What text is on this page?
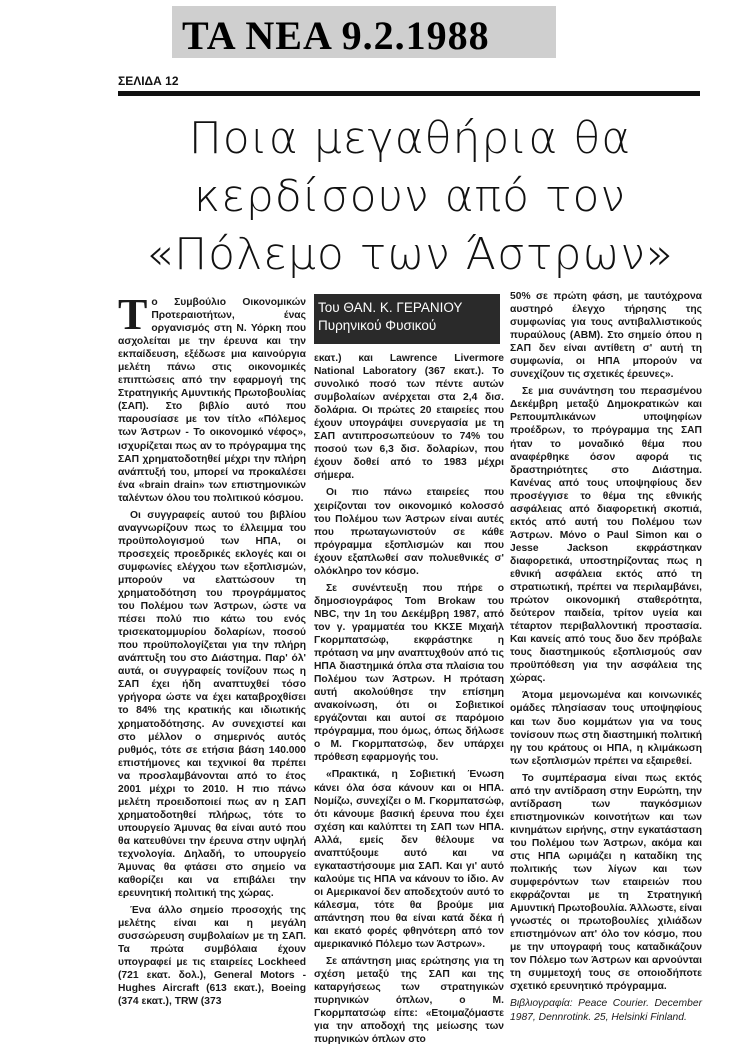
TA NEA 9.2.1988
ΣΕΛΙΔΑ 12
Ποια μεγαθήρια θα
κερδίσουν από τον
«Πόλεμο των Άστρων»
Του ΘΑΝ. Κ. ΓΕΡΑΝΙΟΥ
Πυρηνικού Φυσικού

Το Συμβούλιο Οικονομικών Προτεραιοτήτων, ένας οργανισμός στη Ν. Υόρκη που ασχολείται με την έρευνα και την εκπαίδευση, εξέδωσε μια καινούργια μελέτη πάνω στις οικονομικές επιπτώσεις από την εφαρμογή της Στρατηγικής Αμυντικής Πρωτοβουλίας (ΣΑΠ). Στο βιβλίο αυτό που παρουσίασε με τον τίτλο «Πόλεμος των Άστρων - Το οικονομικό νέφος», ισχυρίζεται πως αν το πρόγραμμα της ΣΑΠ χρηματοδοτηθεί μέχρι την πλήρη ανάπτυξή του, μπορεί να προκαλέσει ένα «brain drain» των επιστημονικών ταλέντων όλου του πολιτικού κόσμου.

Οι συγγραφείς αυτού του βιβλίου αναγνωρίζουν πως το έλλειμμα του προϋπολογισμού των ΗΠΑ, οι προσεχείς προεδρικές εκλογές και οι συμφωνίες ελέγχου των εξοπλισμών, μπορούν να ελαττώσουν τη χρηματοδότηση του προγράμματος του Πολέμου των Άστρων, ώστε να πέσει πολύ πιο κάτω του ενός τρισεκατομμυρίου δολαρίων, ποσού που προϋπολογίζεται για την πλήρη ανάπτυξη του στο Διάστημα. Παρ' όλ' αυτά, οι συγγραφείς τονίζουν πως η ΣΑΠ έχει ήδη αναπτυχθεί τόσο γρήγορα ώστε να έχει καταβροχθίσει το 84% της κρατικής και ιδιωτικής χρηματοδότησης. Αν συνεχιστεί και στο μέλλον ο σημερινός αυτός ρυθμός, τότε σε ετήσια βάση 140.000 επιστήμονες και τεχνικοί θα πρέπει να προσλαμβάνονται από το έτος 2001 μέχρι το 2010. Η πιο πάνω μελέτη προειδοποιεί πως αν η ΣΑΠ χρηματοδοτηθεί πλήρως, τότε το υπουργείο Άμυνας θα είναι αυτό που θα κατευθύνει την έρευνα στην υψηλή τεχνολογία. Δηλαδή, το υπουργείο Άμυνας θα φτάσει στο σημείο να καθορίζει και να επιβάλει την ερευνητική πολιτική της χώρας.

Ένα άλλο σημείο προσοχής της μελέτης είναι και η μεγάλη συσσώρευση συμβολαίων με τη ΣΑΠ. Τα πρώτα συμβόλαια έχουν υπογραφεί με τις εταιρείες Lockheed (721 εκατ. δολ.), General Motors - Hughes Aircraft (613 εκατ.), Boeing (374 εκατ.), TRW (373

εκατ.) και Lawrence Livermore National Laboratory (367 εκατ.). Το συνολικό ποσό των πέντε αυτών συμβολαίων ανέρχεται στα 2,4 δισ. δολάρια. Οι πρώτες 20 εταιρείες που έχουν υπογράψει συνεργασία με τη ΣΑΠ αντιπροσωπεύουν το 74% του ποσού των 6,3 δισ. δολαρίων, που έχουν δοθεί από το 1983 μέχρι σήμερα.

Οι πιο πάνω εταιρείες που χειρίζονται τον οικονομικό κολοσσό του Πολέμου των Άστρων είναι αυτές που πρωταγωνιστούν σε κάθε πρόγραμμα εξοπλισμών και που έχουν εξαπλωθεί σαν πολυεθνικές σ' ολόκληρο τον κόσμο.

Σε συνέντευξη που πήρε ο δημοσιογράφος Tom Brokaw του NBC, την 1η του Δεκέμβρη 1987, από τον γ. γραμματέα του ΚΚΣΕ Μιχαήλ Γκορμπατσώφ, εκφράστηκε η πρόταση να μην αναπτυχθούν από τις ΗΠΑ διαστημικά όπλα στα πλαίσια του Πολέμου των Άστρων. Η πρόταση αυτή ακολούθησε την επίσημη ανακοίνωση, ότι οι Σοβιετικοί εργάζονται και αυτοί σε παρόμοιο πρόγραμμα, που όμως, όπως δήλωσε ο Μ. Γκορμπατσώφ, δεν υπάρχει πρόθεση εφαρμογής του.

«Πρακτικά, η Σοβιετική Ένωση κάνει όλα όσα κάνουν και οι ΗΠΑ. Νομίζω, συνεχίζει ο Μ. Γκορμπατσώφ, ότι κάνουμε βασική έρευνα που έχει σχέση και καλύπτει τη ΣΑΠ των ΗΠΑ. Αλλά, εμείς δεν θέλουμε να αναπτύξουμε αυτό και να εγκαταστήσουμε μια ΣΑΠ. Και γι' αυτό καλούμε τις ΗΠΑ να κάνουν το ίδιο. Αν οι Αμερικανοί δεν αποδεχτούν αυτό το κάλεσμα, τότε θα βρούμε μια απάντηση που θα είναι κατά δέκα ή και εκατό φορές φθηνότερη από τον αμερικανικό Πόλεμο των Άστρων».

Σε απάντηση μιας ερώτησης για τη σχέση μεταξύ της ΣΑΠ και της καταργήσεως των στρατηγικών πυρηνικών όπλων, ο Μ. Γκορμπατσώφ είπε: «Ετοιμαζόμαστε για την αποδοχή της μείωσης των πυρηνικών όπλων στο

50% σε πρώτη φάση, με ταυτόχρονα αυστηρό έλεγχο τήρησης της συμφωνίας για τους αντιβαλλιστικούς πυραύλους (ΑΒΜ). Στο σημείο όπου η ΣΑΠ δεν είναι αντίθετη σ' αυτή τη συμφωνία, οι ΗΠΑ μπορούν να συνεχίζουν τις σχετικές έρευνες».

Σε μια συνάντηση του περασμένου Δεκέμβρη μεταξύ Δημοκρατικών και Ρεπουμπλικάνων υποψηφίων προέδρων, το πρόγραμμα της ΣΑΠ ήταν το μοναδικό θέμα που αναφέρθηκε όσον αφορά τις δραστηριότητες στο Διάστημα. Κανένας από τους υποψηφίους δεν προσέγγισε το θέμα της εθνικής ασφάλειας από διαφορετική σκοπιά, εκτός από αυτή του Πολέμου των Άστρων. Μόνο ο Paul Simon και ο Jesse Jackson εκφράστηκαν διαφορετικά, υποστηρίζοντας πως η εθνική ασφάλεια εκτός από τη στρατιωτική, πρέπει να περιλαμβάνει, πρώτον οικονομική σταθερότητα, δεύτερον παιδεία, τρίτον υγεία και τέταρτον περιβαλλοντική προστασία. Και κανείς από τους δυο δεν πρόβαλε τους διαστημικούς εξοπλισμούς σαν προϋπόθεση για την ασφάλεια της χώρας.

Άτομα μεμονωμένα και κοινωνικές ομάδες πλησίασαν τους υποψηφίους και των δυο κομμάτων για να τους τονίσουν πως στη διαστημική πολιτική ηγ του κράτους οι ΗΠΑ, η κλιμάκωση των εξοπλισμών πρέπει να εξαιρεθεί.

Το συμπέρασμα είναι πως εκτός από την αντίδραση στην Ευρώπη, την αντίδραση των παγκόσμιων επιστημονικών κοινοτήτων και των κινημάτων ειρήνης, στην εγκατάσταση του Πολέμου των Άστρων, ακόμα και στις ΗΠΑ ωριμάζει η καταδίκη της πολιτικής των λίγων και των συμφερόντων των εταιρειών που εκφράζονται με τη Στρατηγική Αμυντική Πρωτοβουλία. Άλλωστε, είναι γνωστές οι πρωτοβουλίες χιλιάδων επιστημόνων απ' όλο τον κόσμο, που με την υπογραφή τους καταδικάζουν τον Πόλεμο των Άστρων και αρνούνται τη συμμετοχή τους σε οποιοδήποτε σχετικό ερευνητικό πρόγραμμα.

Βιβλιογραφία: Peace Courier. December 1987, Dennrotink. 25, Helsinki Finland.
